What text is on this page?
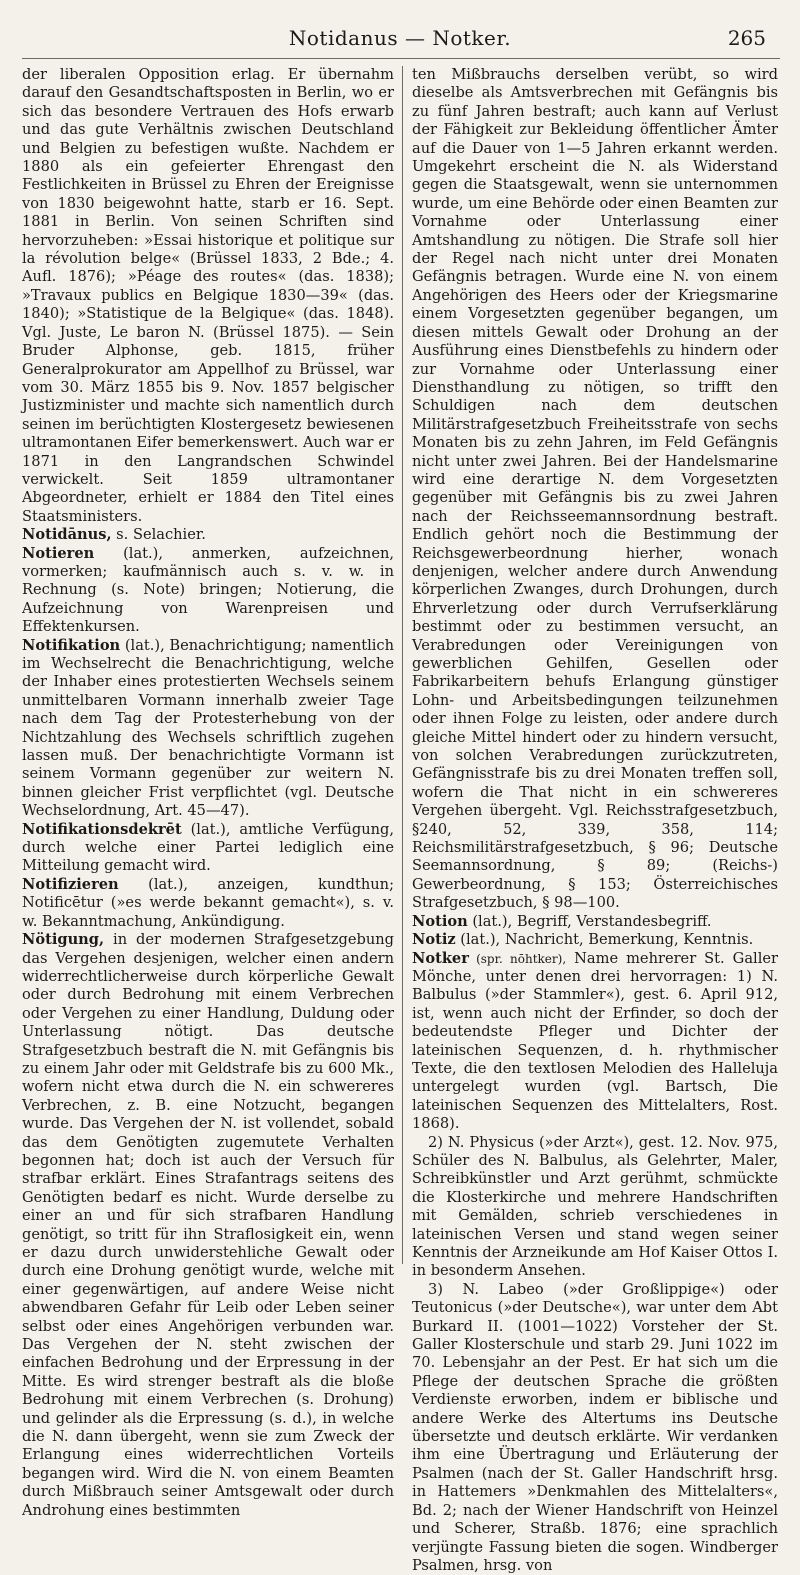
Notidanus — Notker.	265

der liberalen Opposition erlag. Er übernahm darauf den Gesandtschaftsposten in Berlin, wo er sich das besondere Vertrauen des Hofs erwarb und das gute Verhältnis zwischen Deutschland und Belgien zu befestigen wußte. Nachdem er 1880 als ein gefeierter Ehrengast den Festlichkeiten in Brüssel zu Ehren der Ereignisse von 1830 beigewohnt hatte, starb er 16. Sept. 1881 in Berlin. Von seinen Schriften sind hervorzuheben: »Essai historique et politique sur la révolution belge« (Brüssel 1833, 2 Bde.; 4. Aufl. 1876); »Péage des routes« (das. 1838); »Travaux publics en Belgique 1830—39« (das. 1840); »Statistique de la Belgique« (das. 1848). Vgl. Juste, Le baron N. (Brüssel 1875). — Sein Bruder Alphonse, geb. 1815, früher Generalprokurator am Appellhof zu Brüssel, war vom 30. März 1855 bis 9. Nov. 1857 belgischer Justizminister und machte sich namentlich durch seinen im berüchtigten Klostergesetz bewiesenen ultramontanen Eifer bemerkenswert. Auch war er 1871 in den Langrandschen Schwindel verwickelt. Seit 1859 ultramontaner Abgeordneter, erhielt er 1884 den Titel eines Staatsministers.

Notidānus, s. Selachier.

Notieren (lat.), anmerken, aufzeichnen, vormerken; kaufmännisch auch s. v. w. in Rechnung (s. Note) bringen; Notierung, die Aufzeichnung von Warenpreisen und Effektenkursen.

Notifikation (lat.), Benachrichtigung; namentlich im Wechselrecht die Benachrichtigung, welche der Inhaber eines protestierten Wechsels seinem unmittelbaren Vormann innerhalb zweier Tage nach dem Tag der Protesterhebung von der Nichtzahlung des Wechsels schriftlich zugehen lassen muß. Der benachrichtigte Vormann ist seinem Vormann gegenüber zur weitern N. binnen gleicher Frist verpflichtet (vgl. Deutsche Wechselordnung, Art. 45—47).

Notifikationsdekrēt (lat.), amtliche Verfügung, durch welche einer Partei lediglich eine Mitteilung gemacht wird.

Notifizieren (lat.), anzeigen, kundthun; Notificētur (»es werde bekannt gemacht«), s. v. w. Bekanntmachung, Ankündigung.

Nötigung, in der modernen Strafgesetzgebung das Vergehen desjenigen, welcher einen andern widerrechtlicherweise durch körperliche Gewalt oder durch Bedrohung mit einem Verbrechen oder Vergehen zu einer Handlung, Duldung oder Unterlassung nötigt. Das deutsche Strafgesetzbuch bestraft die N. mit Gefängnis bis zu einem Jahr oder mit Geldstrafe bis zu 600 Mk., wofern nicht etwa durch die N. ein schwereres Verbrechen, z. B. eine Notzucht, begangen wurde. Das Vergehen der N. ist vollendet, sobald das dem Genötigten zugemutete Verhalten begonnen hat; doch ist auch der Versuch für strafbar erklärt. Eines Strafantrags seitens des Genötigten bedarf es nicht. Wurde derselbe zu einer an und für sich strafbaren Handlung genötigt, so tritt für ihn Straflosigkeit ein, wenn er dazu durch unwiderstehliche Gewalt oder durch eine Drohung genötigt wurde, welche mit einer gegenwärtigen, auf andere Weise nicht abwendbaren Gefahr für Leib oder Leben seiner selbst oder eines Angehörigen verbunden war. Das Vergehen der N. steht zwischen der einfachen Bedrohung und der Erpressung in der Mitte. Es wird strenger bestraft als die bloße Bedrohung mit einem Verbrechen (s. Drohung) und gelinder als die Erpressung (s. d.), in welche die N. dann übergeht, wenn sie zum Zweck der Erlangung eines widerrechtlichen Vorteils begangen wird. Wird die N. von einem Beamten durch Mißbrauch seiner Amtsgewalt oder durch Androhung eines bestimmten

ten Mißbrauchs derselben verübt, so wird dieselbe als Amtsverbrechen mit Gefängnis bis zu fünf Jahren bestraft; auch kann auf Verlust der Fähigkeit zur Bekleidung öffentlicher Ämter auf die Dauer von 1—5 Jahren erkannt werden. Umgekehrt erscheint die N. als Widerstand gegen die Staatsgewalt, wenn sie unternommen wurde, um eine Behörde oder einen Beamten zur Vornahme oder Unterlassung einer Amtshandlung zu nötigen. Die Strafe soll hier der Regel nach nicht unter drei Monaten Gefängnis betragen. Wurde eine N. von einem Angehörigen des Heers oder der Kriegsmarine einem Vorgesetzten gegenüber begangen, um diesen mittels Gewalt oder Drohung an der Ausführung eines Dienstbefehls zu hindern oder zur Vornahme oder Unterlassung einer Diensthandlung zu nötigen, so trifft den Schuldigen nach dem deutschen Militärstrafgesetzbuch Freiheitsstrafe von sechs Monaten bis zu zehn Jahren, im Feld Gefängnis nicht unter zwei Jahren. Bei der Handelsmarine wird eine derartige N. dem Vorgesetzten gegenüber mit Gefängnis bis zu zwei Jahren nach der Reichsseemannsordnung bestraft. Endlich gehört noch die Bestimmung der Reichsgewerbeordnung hierher, wonach denjenigen, welcher andere durch Anwendung körperlichen Zwanges, durch Drohungen, durch Ehrverletzung oder durch Verrufserklärung bestimmt oder zu bestimmen versucht, an Verabredungen oder Vereinigungen von gewerblichen Gehilfen, Gesellen oder Fabrikarbeitern behufs Erlangung günstiger Lohn- und Arbeitsbedingungen teilzunehmen oder ihnen Folge zu leisten, oder andere durch gleiche Mittel hindert oder zu hindern versucht, von solchen Verabredungen zurückzutreten, Gefängnisstrafe bis zu drei Monaten treffen soll, wofern die That nicht in ein schwereres Vergehen übergeht. Vgl. Reichsstrafgesetzbuch, §240, 52, 339, 358, 114; Reichsmilitärstrafgesetzbuch, § 96; Deutsche Seemannsordnung, § 89; (Reichs-) Gewerbeordnung, § 153; Österreichisches Strafgesetzbuch, § 98—100.

Notion (lat.), Begriff, Verstandesbegriff.

Notiz (lat.), Nachricht, Bemerkung, Kenntnis.

Notker (spr. nōhtker), Name mehrerer St. Galler Mönche, unter denen drei hervorragen: 1) N. Balbulus (»der Stammler«), gest. 6. April 912, ist, wenn auch nicht der Erfinder, so doch der bedeutendste Pfleger und Dichter der lateinischen Sequenzen, d. h. rhythmischer Texte, die den textlosen Melodien des Halleluja untergelegt wurden (vgl. Bartsch, Die lateinischen Sequenzen des Mittelalters, Rost. 1868).

2) N. Physicus (»der Arzt«), gest. 12. Nov. 975, Schüler des N. Balbulus, als Gelehrter, Maler, Schreibkünstler und Arzt gerühmt, schmückte die Klosterkirche und mehrere Handschriften mit Gemälden, schrieb verschiedenes in lateinischen Versen und stand wegen seiner Kenntnis der Arzneikunde am Hof Kaiser Ottos I. in besonderm Ansehen.

3) N. Labeo (»der Großlippige«) oder Teutonicus (»der Deutsche«), war unter dem Abt Burkard II. (1001—1022) Vorsteher der St. Galler Klosterschule und starb 29. Juni 1022 im 70. Lebensjahr an der Pest. Er hat sich um die Pflege der deutschen Sprache die größten Verdienste erworben, indem er biblische und andere Werke des Altertums ins Deutsche übersetzte und deutsch erklärte. Wir verdanken ihm eine Übertragung und Erläuterung der Psalmen (nach der St. Galler Handschrift hrsg. in Hattemers »Denkmahlen des Mittelalters«, Bd. 2; nach der Wiener Handschrift von Heinzel und Scherer, Straßb. 1876; eine sprachlich verjüngte Fassung bieten die sogen. Windberger Psalmen, hrsg. von
